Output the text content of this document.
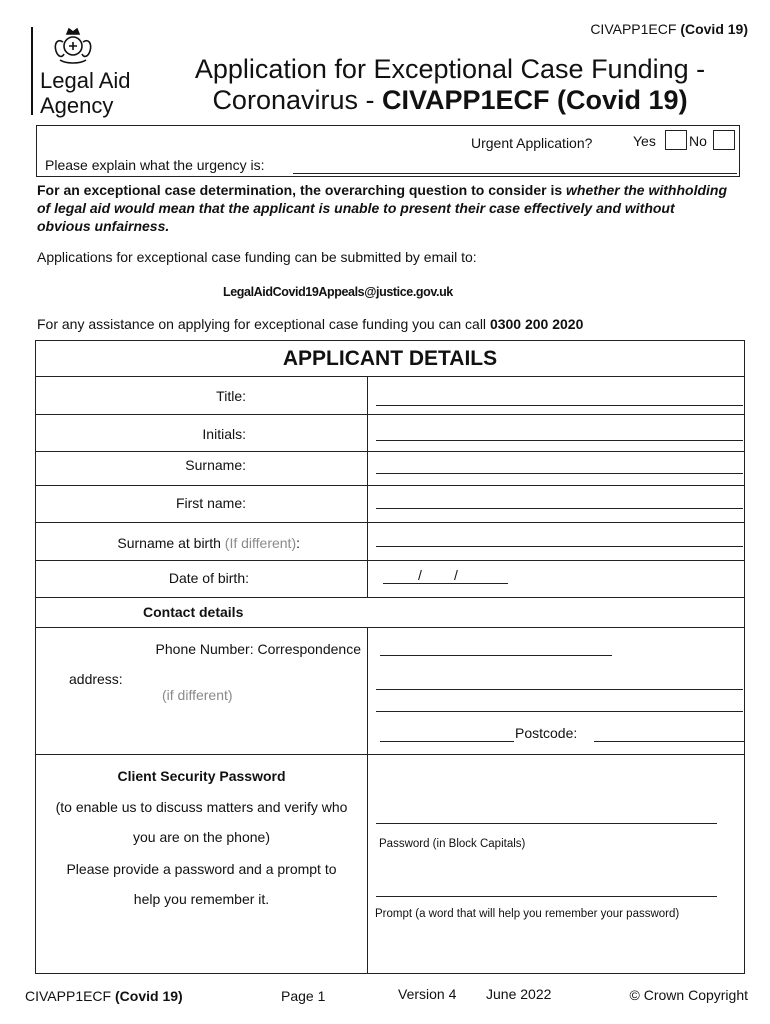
CIVAPP1ECF (Covid 19)
Legal Aid
Agency
Application for Exceptional Case Funding -
Coronavirus - CIVAPP1ECF (Covid 19)
Urgent Application?	Yes No
Please explain what the urgency is:
For an exceptional case determination, the overarching question to consider is whether the withholding of legal aid would mean that the applicant is unable to present their case effectively and without obvious unfairness.
Applications for exceptional case funding can be submitted by email to:
LegalAidCovid19Appeals@justice.gov.uk
For any assistance on applying for exceptional case funding you can call 0300 200 2020
APPLICANT DETAILS
Title:
Initials:
Surname:
First name:
Surname at birth (If different):
Date of birth:	/ /
Contact details
Phone Number: Correspondence
address:
(if different)
Postcode:
Client Security Password
(to enable us to discuss matters and verify who
you are on the phone)
Please provide a password and a prompt to
help you remember it.
Password (in Block Capitals)
Prompt (a word that will help you remember your password)
CIVAPP1ECF (Covid 19)	Page 1	Version 4 June 2022	© Crown Copyright
